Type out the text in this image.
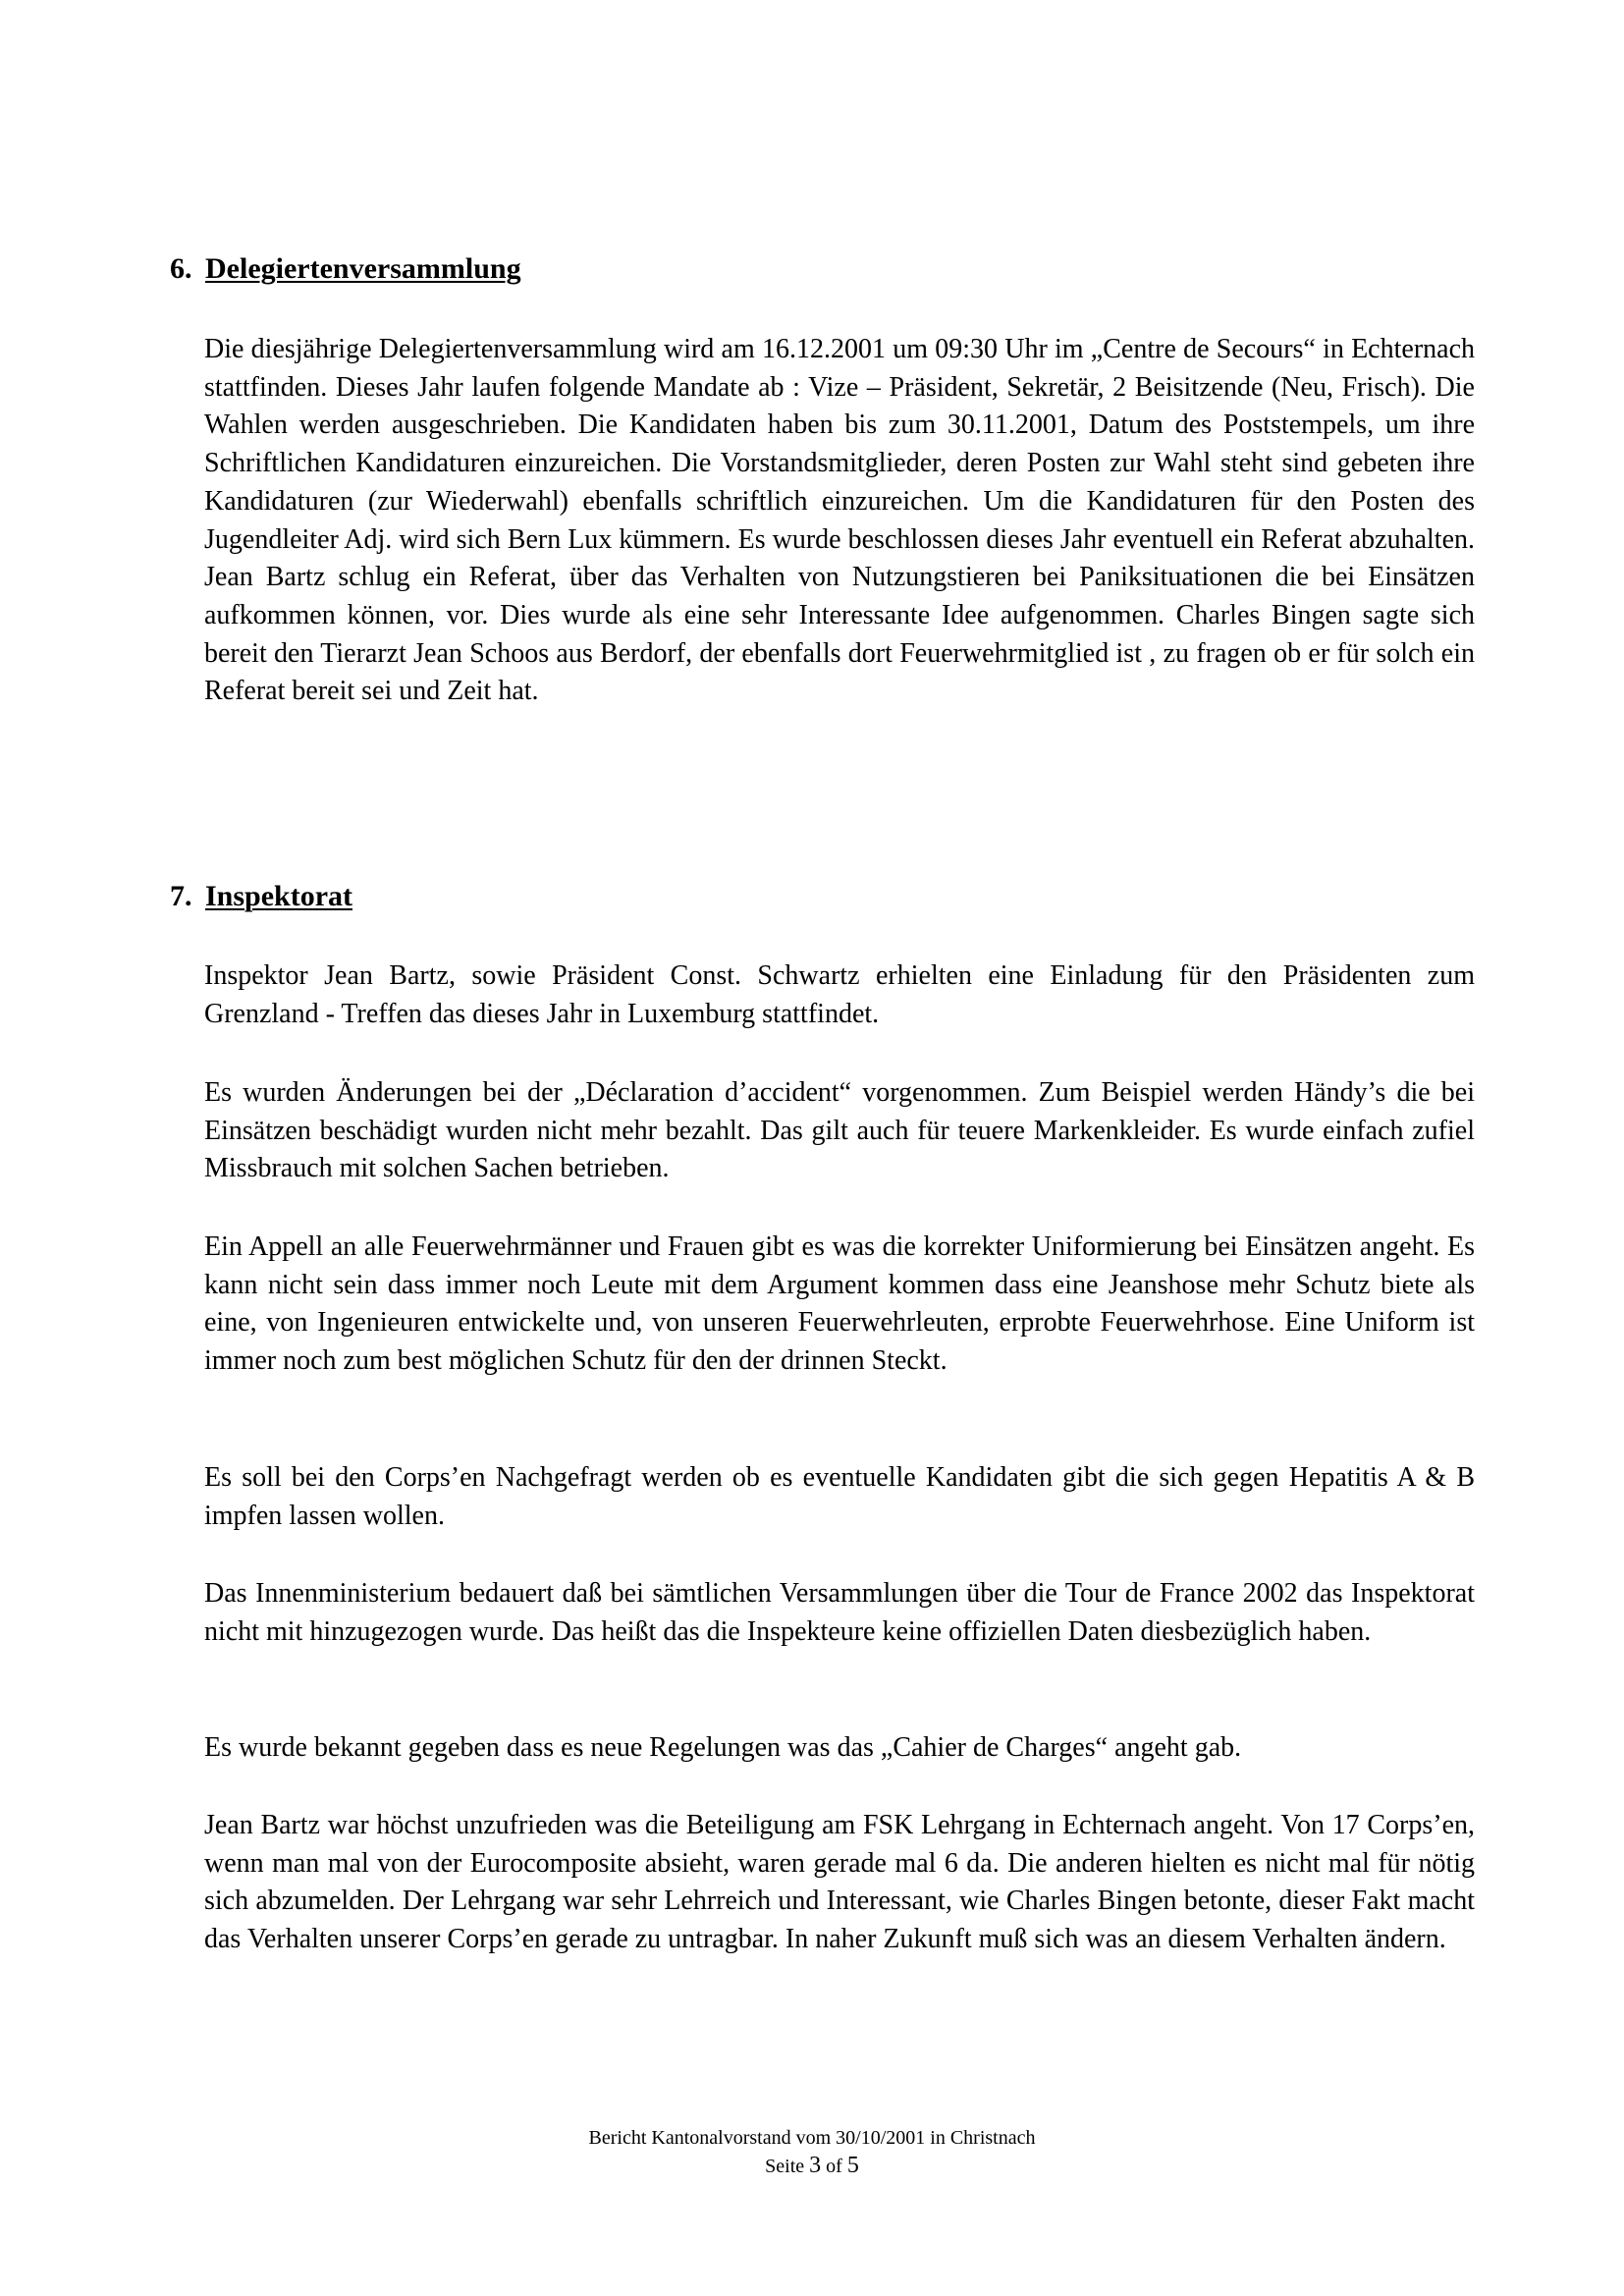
6. Delegiertenversammlung

Die diesjährige Delegiertenversammlung wird am 16.12.2001 um 09:30 Uhr im „Centre de Secours“ in Echternach stattfinden. Dieses Jahr laufen folgende Mandate ab : Vize – Präsident, Sekretär, 2 Beisitzende (Neu, Frisch). Die Wahlen werden ausgeschrieben. Die Kandidaten haben bis zum 30.11.2001, Datum des Poststempels, um ihre Schriftlichen Kandidaturen einzureichen. Die Vorstandsmitglieder, deren Posten zur Wahl steht sind gebeten ihre Kandidaturen (zur Wiederwahl) ebenfalls schriftlich einzureichen. Um die Kandidaturen für den Posten des Jugendleiter Adj. wird sich Bern Lux kümmern. Es wurde beschlossen dieses Jahr eventuell ein Referat abzuhalten. Jean Bartz schlug ein Referat, über das Verhalten von Nutzungstieren bei Paniksituationen die bei Einsätzen aufkommen können, vor. Dies wurde als eine sehr Interessante Idee aufgenommen. Charles Bingen sagte sich bereit den Tierarzt Jean Schoos aus Berdorf, der ebenfalls dort Feuerwehrmitglied ist , zu fragen ob er für solch ein Referat bereit sei und Zeit hat.

7. Inspektorat

Inspektor Jean Bartz, sowie Präsident Const. Schwartz erhielten eine Einladung für den Präsidenten zum Grenzland - Treffen das dieses Jahr in Luxemburg stattfindet.

Es wurden Änderungen bei der „Déclaration d’accident“ vorgenommen. Zum Beispiel werden Händy’s die bei Einsätzen beschädigt wurden nicht mehr bezahlt. Das gilt auch für teuere Markenkleider. Es wurde einfach zufiel Missbrauch mit solchen Sachen betrieben.

Ein Appell an alle Feuerwehrmänner und Frauen gibt es was die korrekter Uniformierung bei Einsätzen angeht. Es kann nicht sein dass immer noch Leute mit dem Argument kommen dass eine Jeanshose mehr Schutz biete als eine, von Ingenieuren entwickelte und, von unseren Feuerwehrleuten, erprobte Feuerwehrhose. Eine Uniform ist immer noch zum best möglichen Schutz für den der drinnen Steckt.

Es soll bei den Corps’en Nachgefragt werden ob es eventuelle Kandidaten gibt die sich gegen Hepatitis A & B impfen lassen wollen.

Das Innenministerium bedauert daß bei sämtlichen Versammlungen über die Tour de France 2002 das Inspektorat nicht mit hinzugezogen wurde. Das heißt das die Inspekteure keine offiziellen Daten diesbezüglich haben.

Es wurde bekannt gegeben dass es neue Regelungen was das „Cahier de Charges“ angeht gab.

Jean Bartz war höchst unzufrieden was die Beteiligung am FSK Lehrgang in Echternach angeht. Von 17 Corps’en, wenn man mal von der Eurocomposite absieht, waren gerade mal 6 da. Die anderen hielten es nicht mal für nötig sich abzumelden. Der Lehrgang war sehr Lehrreich und Interessant, wie Charles Bingen betonte, dieser Fakt macht das Verhalten unserer Corps’en gerade zu untragbar. In naher Zukunft muß sich was an diesem Verhalten ändern.

Bericht Kantonalvorstand vom 30/10/2001 in Christnach

Seite 3 of 5
